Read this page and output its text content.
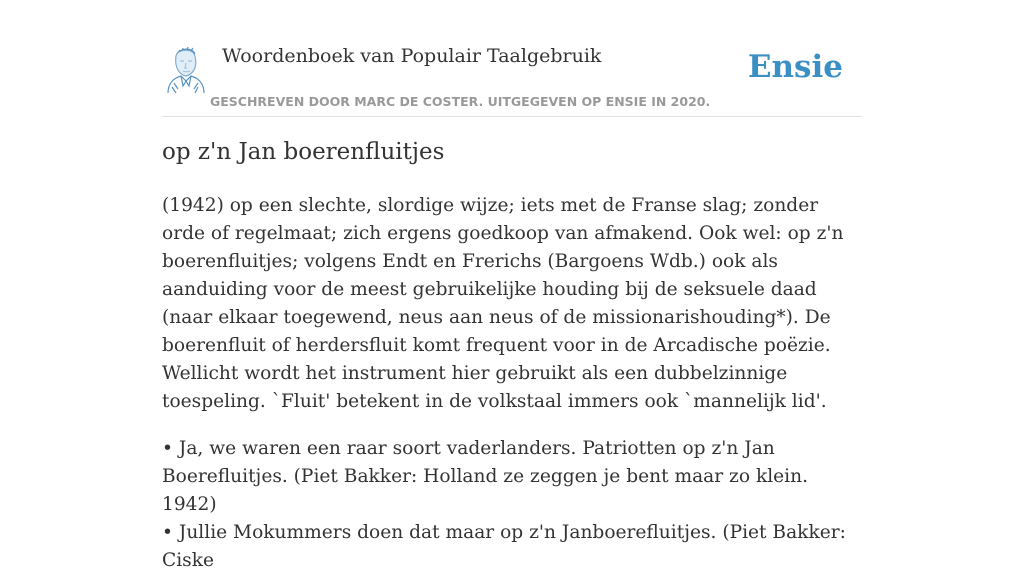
Woordenboek van Populair Taalgebruik
GESCHREVEN DOOR MARC DE COSTER. UITGEGEVEN OP ENSIE IN 2020.
Ensie
op z'n Jan boerenfluitjes

(1942) op een slechte, slordige wijze; iets met de Franse slag; zonder orde of regelmaat; zich ergens goedkoop van afmakend. Ook wel: op z'n boerenfluitjes; volgens Endt en Frerichs (Bargoens Wdb.) ook als aanduiding voor de meest gebruikelijke houding bij de seksuele daad (naar elkaar toegewend, neus aan neus of de missionarishouding*). De boerenfluit of herdersfluit komt frequent voor in de Arcadische poëzie. Wellicht wordt het instrument hier gebruikt als een dubbelzinnige toespeling. `Fluit' betekent in de volkstaal immers ook `mannelijk lid'.

• Ja, we waren een raar soort vaderlanders. Patriotten op z'n Jan Boerefluitjes. (Piet Bakker: Holland ze zeggen je bent maar zo klein. 1942)
• Jullie Mokummers doen dat maar op z'n Janboerefluitjes. (Piet Bakker: Ciske
